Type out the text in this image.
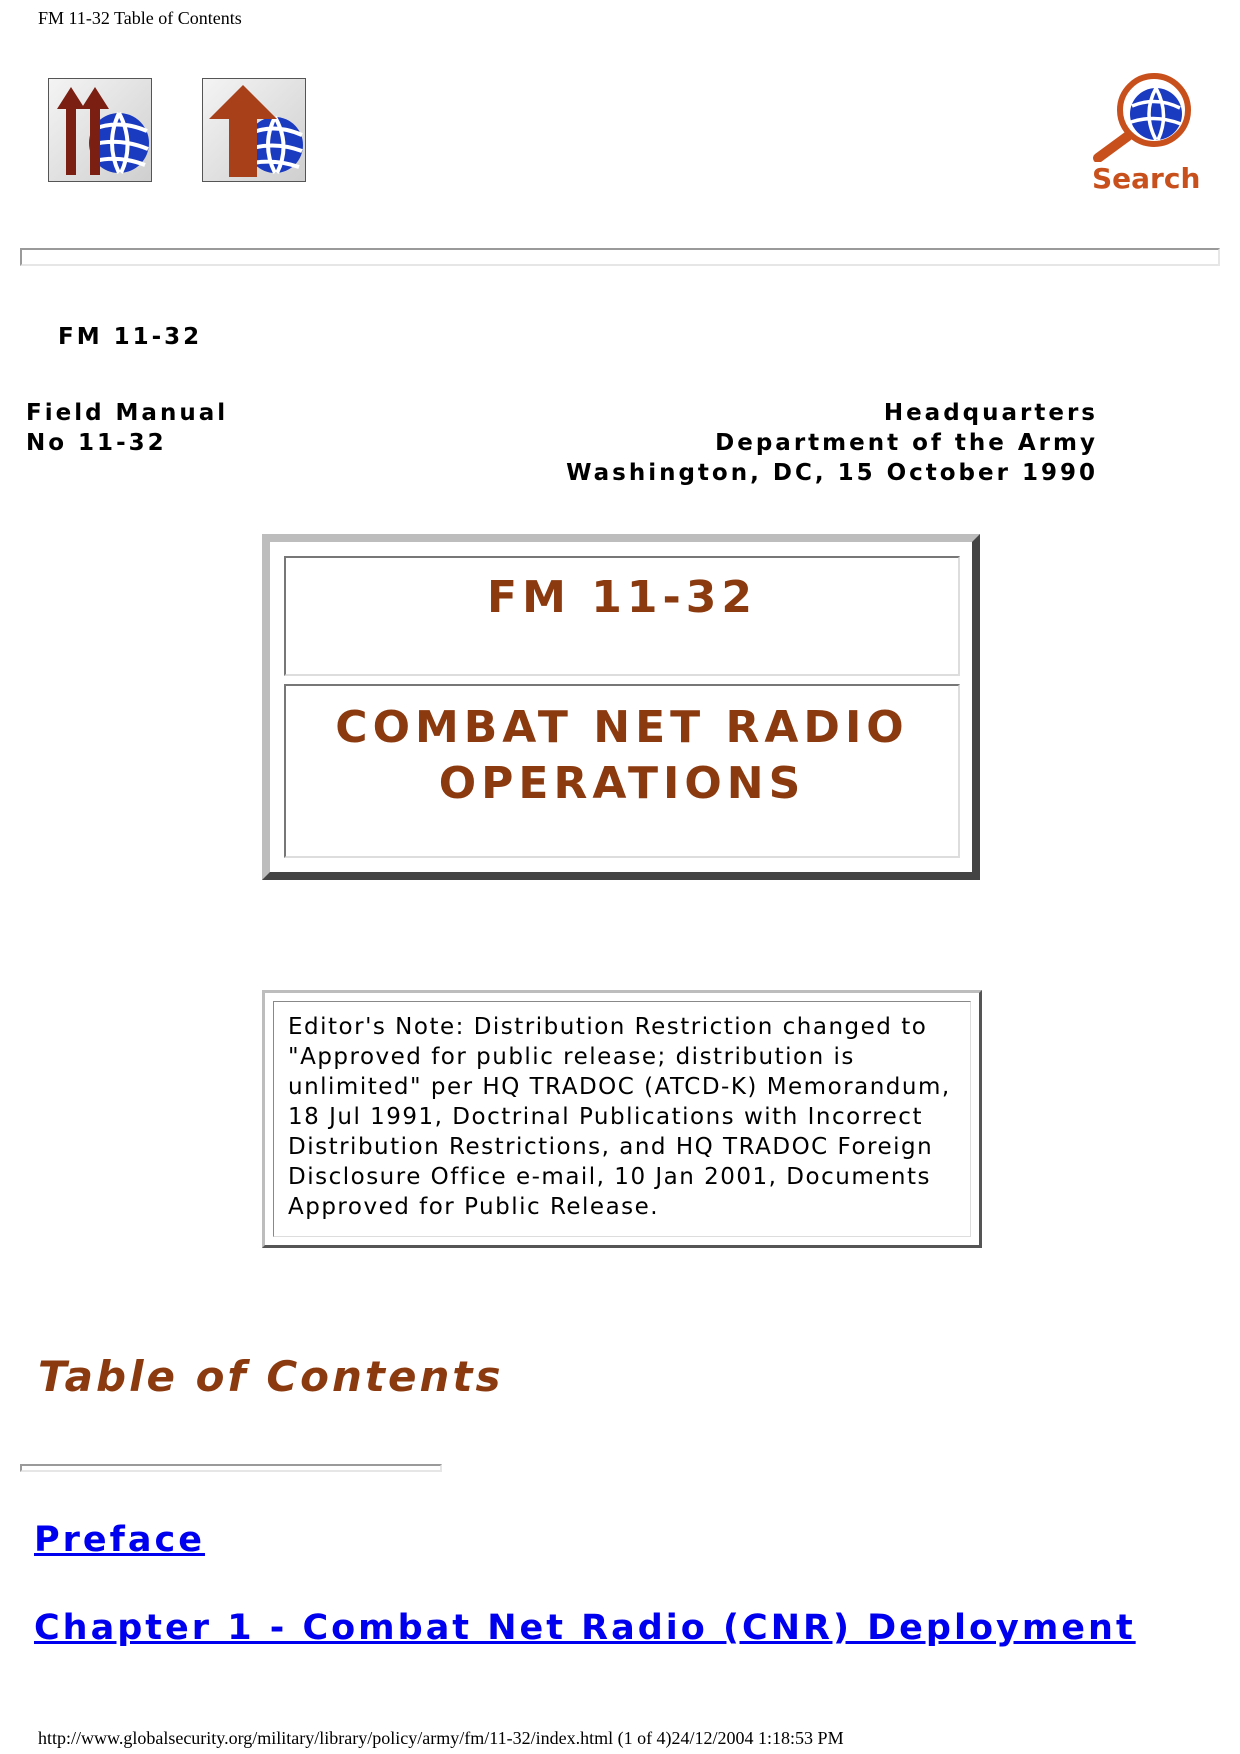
FM 11-32 Table of Contents
Search
FM 11-32
Field Manual
No 11-32
Headquarters
Department of the Army
Washington, DC, 15 October 1990
FM 11-32
COMBAT NET RADIO
OPERATIONS
Editor's Note: Distribution Restriction changed to "Approved for public release; distribution is unlimited" per HQ TRADOC (ATCD-K) Memorandum, 18 Jul 1991, Doctrinal Publications with Incorrect Distribution Restrictions, and HQ TRADOC Foreign Disclosure Office e-mail, 10 Jan 2001, Documents Approved for Public Release.
Table of Contents
Preface
Chapter 1 - Combat Net Radio (CNR) Deployment
http://www.globalsecurity.org/military/library/policy/army/fm/11-32/index.html (1 of 4)24/12/2004 1:18:53 PM
